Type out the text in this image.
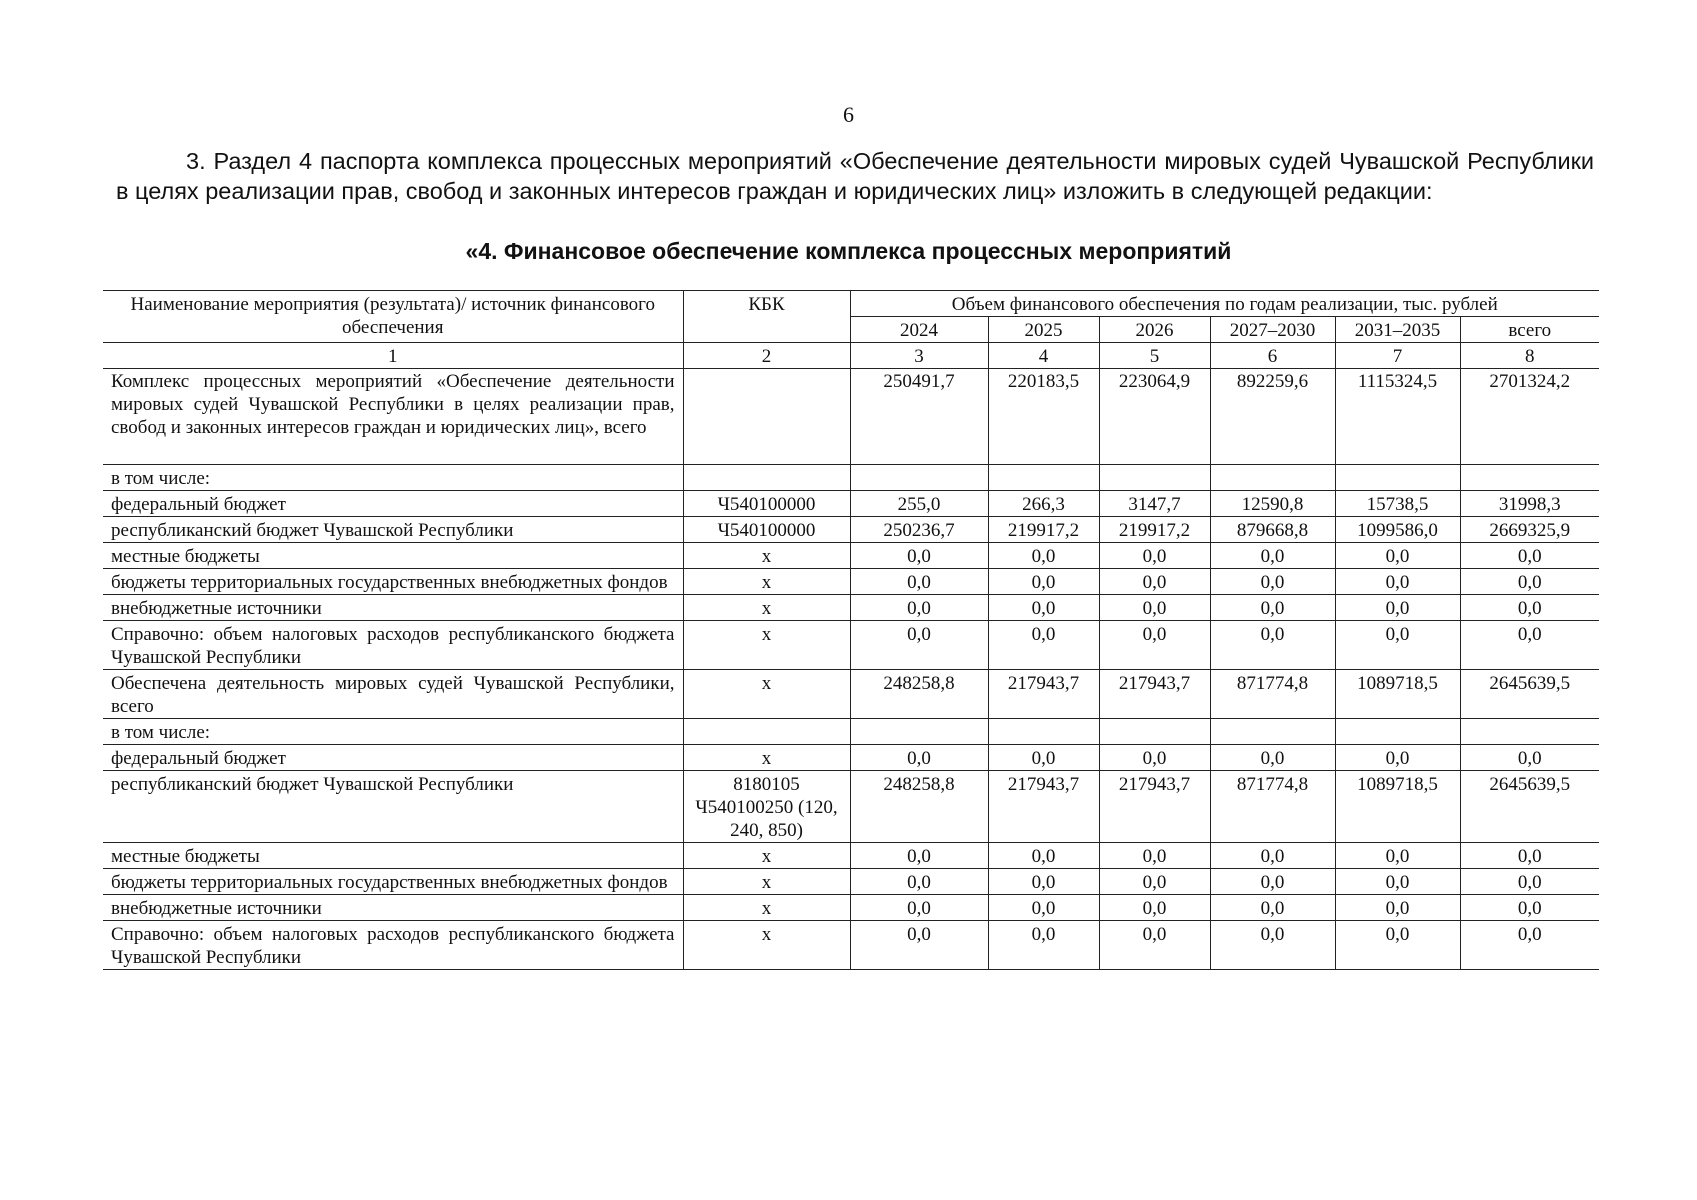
6

3. Раздел 4 паспорта комплекса процессных мероприятий «Обеспечение деятельности мировых судей Чувашской Республики в целях реализации прав, свобод и законных интересов граждан и юридических лиц» изложить в следующей редакции:

«4. Финансовое обеспечение комплекса процессных мероприятий
Наименование мероприятия (результата)/ источник финансового обеспечения	КБК	Объем финансового обеспечения по годам реализации, тыс. рублей					
		2024	2025	2026	2027–2030	2031–2035	всего
1	2	3	4	5	6	7	8
Комплекс процессных мероприятий «Обеспечение деятельности мировых судей Чувашской Республики в целях реализации прав, свобод и законных интересов граждан и юридических лиц», всего		250491,7	220183,5	223064,9	892259,6	1115324,5	2701324,2
в том числе:							
федеральный бюджет	Ч540100000	255,0	266,3	3147,7	12590,8	15738,5	31998,3
республиканский бюджет Чувашской Республики	Ч540100000	250236,7	219917,2	219917,2	879668,8	1099586,0	2669325,9
местные бюджеты	x	0,0	0,0	0,0	0,0	0,0	0,0
бюджеты территориальных государственных внебюджетных фондов	x	0,0	0,0	0,0	0,0	0,0	0,0
внебюджетные источники	x	0,0	0,0	0,0	0,0	0,0	0,0
Справочно: объем налоговых расходов республиканского бюджета Чувашской Республики	x	0,0	0,0	0,0	0,0	0,0	0,0
Обеспечена деятельность мировых судей Чувашской Республики, всего	x	248258,8	217943,7	217943,7	871774,8	1089718,5	2645639,5
в том числе:							
федеральный бюджет	x	0,0	0,0	0,0	0,0	0,0	0,0
республиканский бюджет Чувашской Республики	8180105 Ч540100250 (120, 240, 850)	248258,8	217943,7	217943,7	871774,8	1089718,5	2645639,5
местные бюджеты	x	0,0	0,0	0,0	0,0	0,0	0,0
бюджеты территориальных государственных внебюджетных фондов	x	0,0	0,0	0,0	0,0	0,0	0,0
внебюджетные источники	x	0,0	0,0	0,0	0,0	0,0	0,0
Справочно: объем налоговых расходов республиканского бюджета Чувашской Республики	x	0,0	0,0	0,0	0,0	0,0	0,0
